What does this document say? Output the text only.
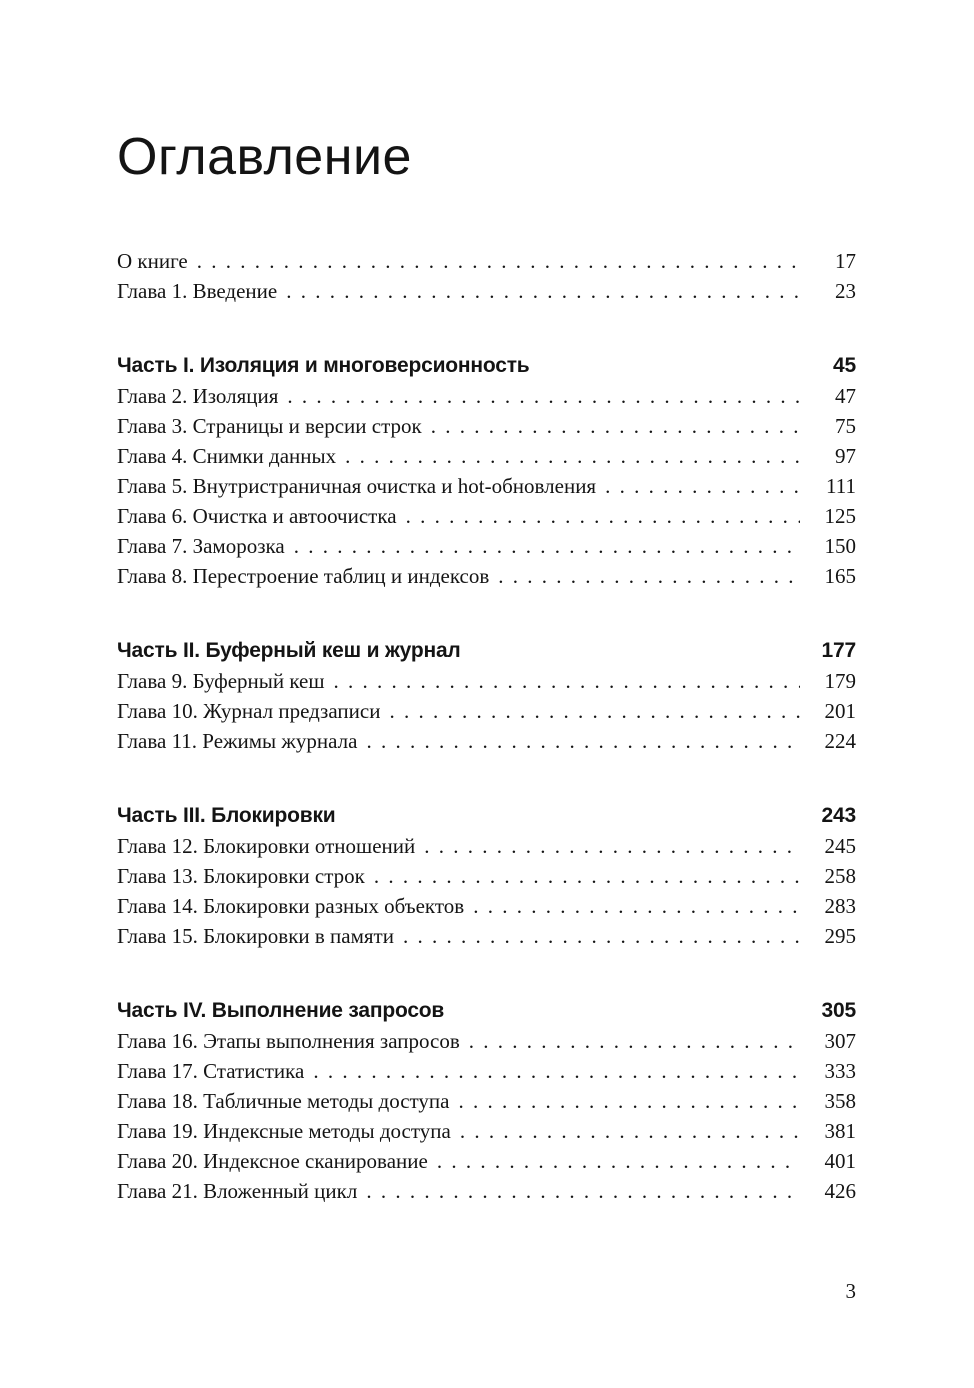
Оглавление
О книге . . .	17
Глава 1. Введение . . .	23
Часть I. Изоляция и многоверсионность	45
Глава 2. Изоляция . . .	47
Глава 3. Страницы и версии строк . . .	75
Глава 4. Снимки данных . . .	97
Глава 5. Внутристраничная очистка и hot-обновления . . .	111
Глава 6. Очистка и автоочистка . . .	125
Глава 7. Заморозка . . .	150
Глава 8. Перестроение таблиц и индексов . . .	165
Часть II. Буферный кеш и журнал	177
Глава 9. Буферный кеш . . .	179
Глава 10. Журнал предзаписи . . .	201
Глава 11. Режимы журнала . . .	224
Часть III. Блокировки	243
Глава 12. Блокировки отношений . . .	245
Глава 13. Блокировки строк . . .	258
Глава 14. Блокировки разных объектов . . .	283
Глава 15. Блокировки в памяти . . .	295
Часть IV. Выполнение запросов	305
Глава 16. Этапы выполнения запросов . . .	307
Глава 17. Статистика . . .	333
Глава 18. Табличные методы доступа . . .	358
Глава 19. Индексные методы доступа . . .	381
Глава 20. Индексное сканирование . . .	401
Глава 21. Вложенный цикл . . .	426
3
